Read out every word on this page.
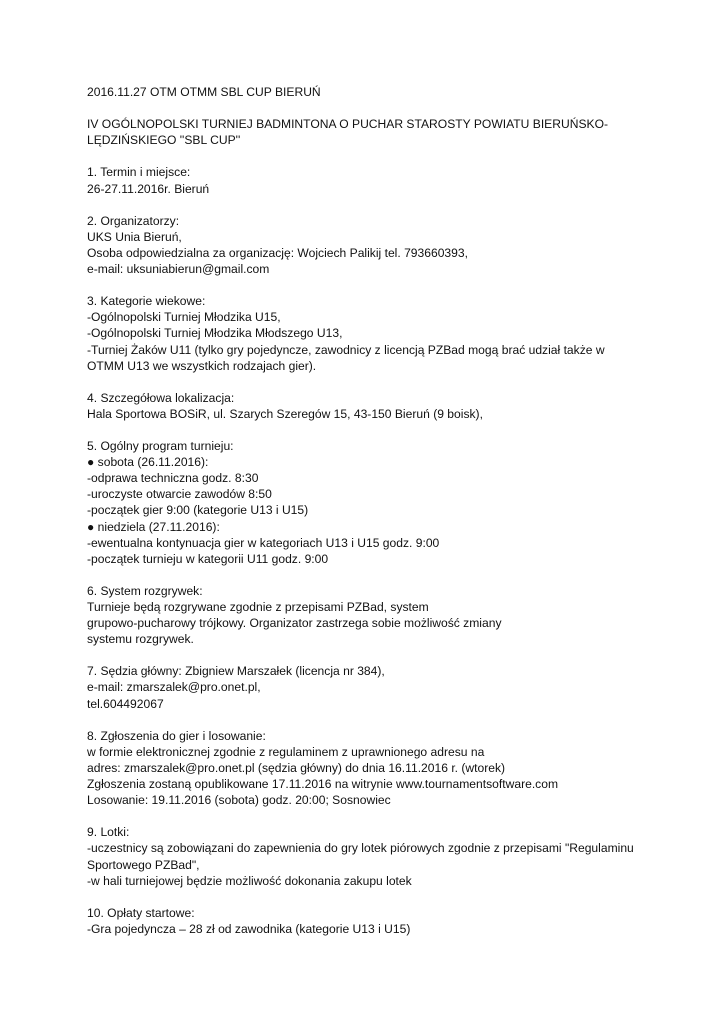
2016.11.27 OTM OTMM SBL CUP BIERUŃ
IV OGÓLNOPOLSKI TURNIEJ BADMINTONA O PUCHAR STAROSTY POWIATU BIERUŃSKO-
LĘDZIŃSKIEGO ''SBL CUP''
1. Termin i miejsce:
26-27.11.2016r. Bieruń
2. Organizatorzy:
UKS Unia Bieruń,
Osoba odpowiedzialna za organizację: Wojciech Palikij tel. 793660393,
e-mail: uksuniabierun@gmail.com
3. Kategorie wiekowe:
-Ogólnopolski Turniej Młodzika U15,
-Ogólnopolski Turniej Młodzika Młodszego U13,
-Turniej Żaków U11 (tylko gry pojedyncze, zawodnicy z licencją PZBad mogą brać udział także w
OTMM U13 we wszystkich rodzajach gier).
4. Szczegółowa lokalizacja:
Hala Sportowa BOSiR, ul. Szarych Szeregów 15, 43-150 Bieruń (9 boisk),
5. Ogólny program turnieju:
● sobota (26.11.2016):
-odprawa techniczna godz. 8:30
-uroczyste otwarcie zawodów 8:50
-początek gier 9:00 (kategorie U13 i U15)
● niedziela (27.11.2016):
-ewentualna kontynuacja gier w kategoriach U13 i U15 godz. 9:00
-początek turnieju w kategorii U11 godz. 9:00
6. System rozgrywek:
Turnieje będą rozgrywane zgodnie z przepisami PZBad, system
grupowo-pucharowy trójkowy. Organizator zastrzega sobie możliwość zmiany
systemu rozgrywek.
7. Sędzia główny: Zbigniew Marszałek (licencja nr 384),
e-mail: zmarszalek@pro.onet.pl,
tel.604492067
8. Zgłoszenia do gier i losowanie:
w formie elektronicznej zgodnie z regulaminem z uprawnionego adresu na
adres: zmarszalek@pro.onet.pl (sędzia główny) do dnia 16.11.2016 r. (wtorek)
Zgłoszenia zostaną opublikowane 17.11.2016 na witrynie www.tournamentsoftware.com
Losowanie: 19.11.2016 (sobota) godz. 20:00; Sosnowiec
9. Lotki:
-uczestnicy są zobowiązani do zapewnienia do gry lotek piórowych zgodnie z przepisami "Regulaminu
Sportowego PZBad",
-w hali turniejowej będzie możliwość dokonania zakupu lotek
10. Opłaty startowe:
-Gra pojedyncza – 28 zł od zawodnika (kategorie U13 i U15)
